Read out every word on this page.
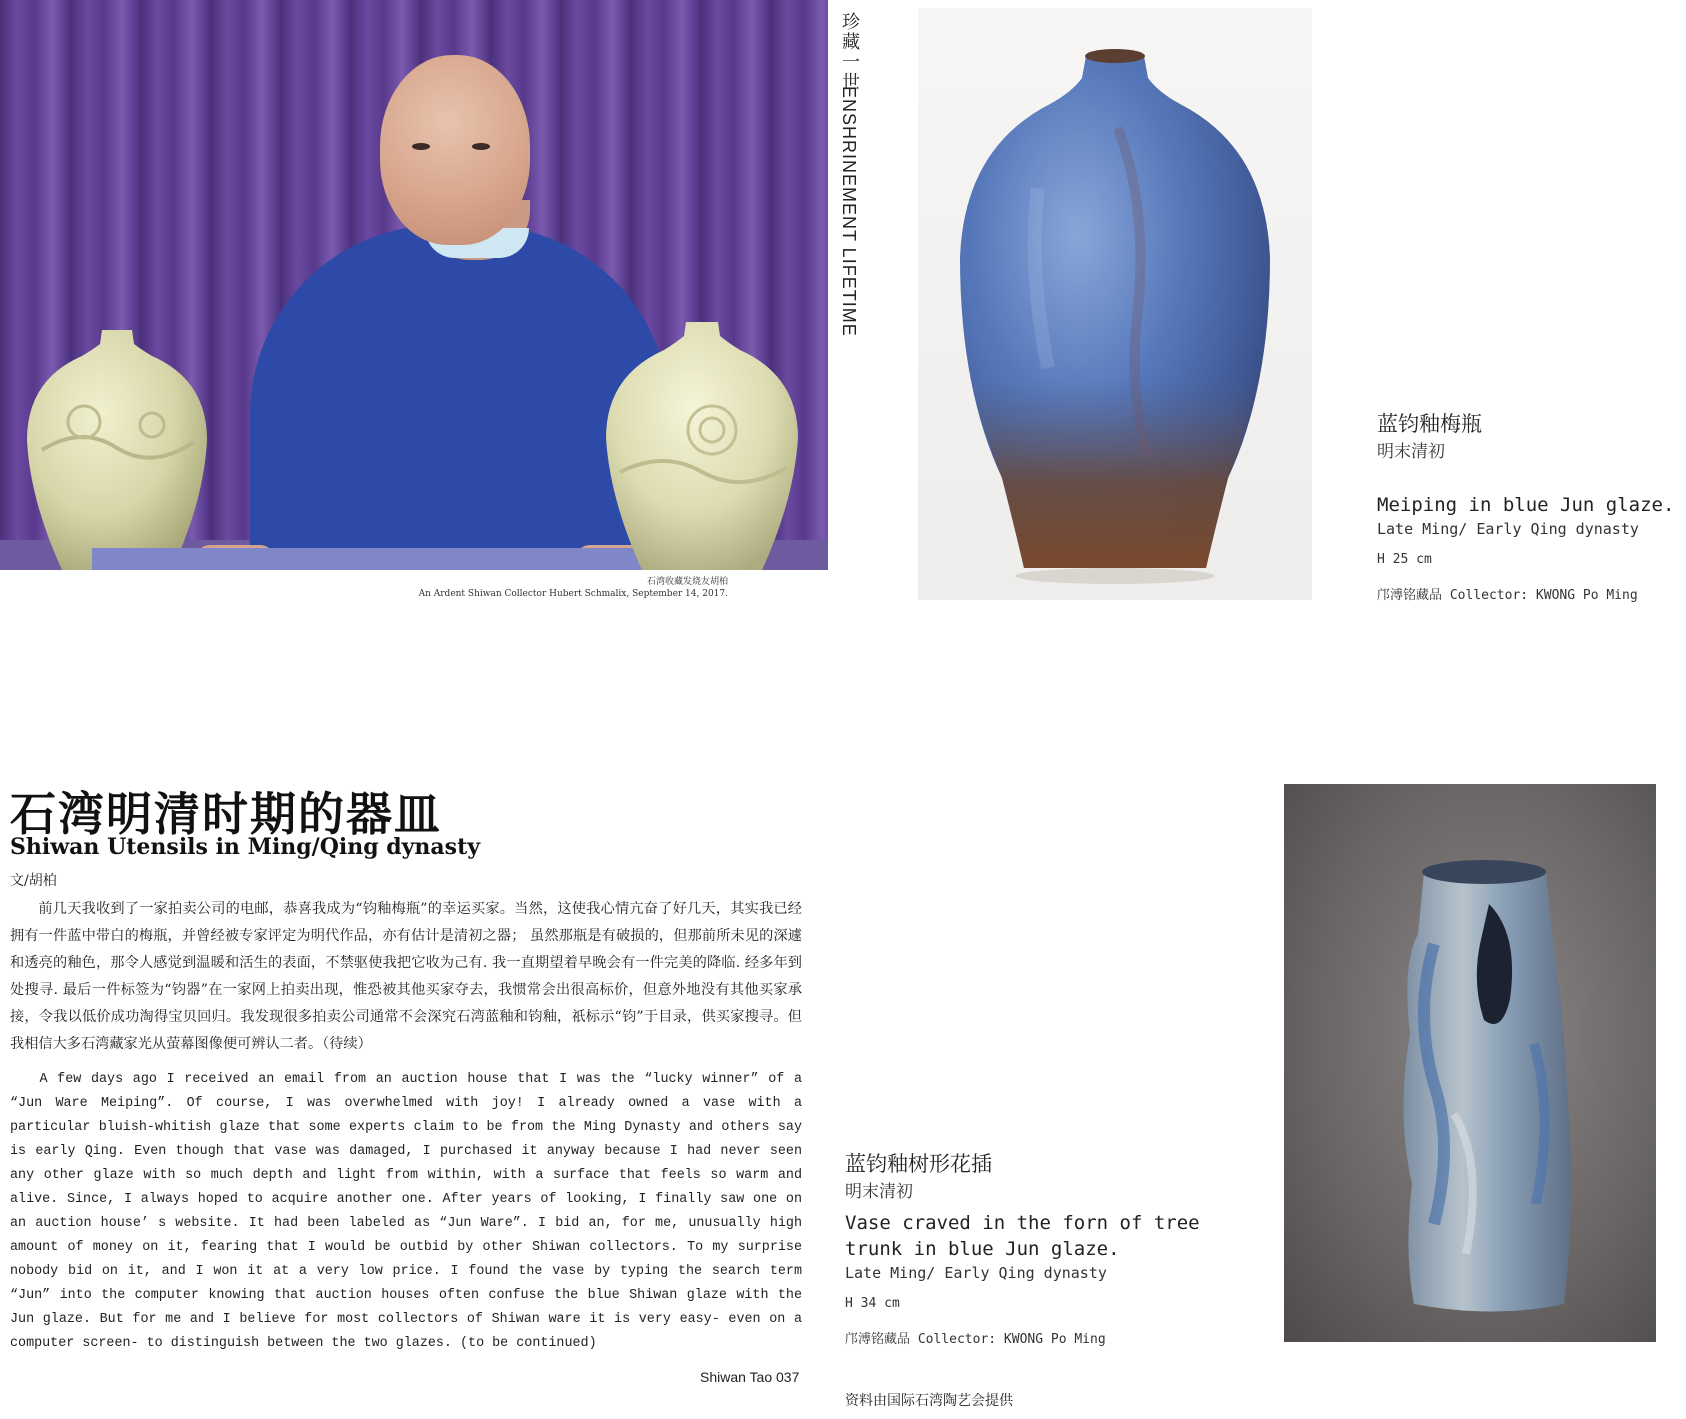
石湾收藏发烧友胡柏
An Ardent Shiwan Collector Hubert Schmalix, September 14, 2017.
珍藏一世
ENSHRINEMENT LIFETIME
蓝钧釉梅瓶
明末清初
Meiping in blue Jun glaze.
Late Ming/ Early Qing dynasty
H 25 cm
邝溥铭藏品 Collector: KWONG Po Ming
石湾明清时期的器皿
Shiwan Utensils in Ming/Qing dynasty
文/胡柏

前几天我收到了一家拍卖公司的电邮，恭喜我成为“钧釉梅瓶”的幸运买家。当然，这使我心情亢奋了好几天，其实我已经拥有一件蓝中带白的梅瓶，并曾经被专家评定为明代作品，亦有估计是清初之器； 虽然那瓶是有破损的，但那前所未见的深遽和透亮的釉色，那令人感觉到温暖和活生的表面，不禁驱使我把它收为己有. 我一直期望着早晚会有一件完美的降临. 经多年到处搜寻. 最后一件标签为“钧器”在一家网上拍卖出现，惟恐被其他买家夺去，我惯常会出很高标价，但意外地没有其他买家承接，令我以低价成功淘得宝贝回归。我发现很多拍卖公司通常不会深究石湾蓝釉和钧釉，祇标示“钧”于目录，供买家搜寻。但我相信大多石湾藏家光从萤幕图像便可辨认二者。（待续）

A few days ago I received an email from an auction house that I was the “lucky winner” of a “Jun Ware Meiping”. Of course, I was overwhelmed with joy! I already owned a vase with a particular bluish-whitish glaze that some experts claim to be from the Ming Dynasty and others say is early Qing. Even though that vase was damaged, I purchased it anyway because I had never seen any other glaze with so much depth and light from within, with a surface that feels so warm and alive. Since, I always hoped to acquire another one. After years of looking, I finally saw one on an auction house’ s website. It had been labeled as “Jun Ware”. I bid an, for me, unusually high amount of money on it, fearing that I would be outbid by other Shiwan collectors. To my surprise nobody bid on it, and I won it at a very low price. I found the vase by typing the search term “Jun” into the computer knowing that auction houses often confuse the blue Shiwan glaze with the Jun glaze. But for me and I believe for most collectors of Shiwan ware it is very easy- even on a computer screen- to distinguish between the two glazes. (to be continued)

Shiwan Tao 037
蓝钧釉树形花插
明末清初
Vase craved in the forn of tree
trunk in blue Jun glaze.
Late Ming/ Early Qing dynasty
H 34 cm
邝溥铭藏品 Collector: KWONG Po Ming
资料由国际石湾陶艺会提供
